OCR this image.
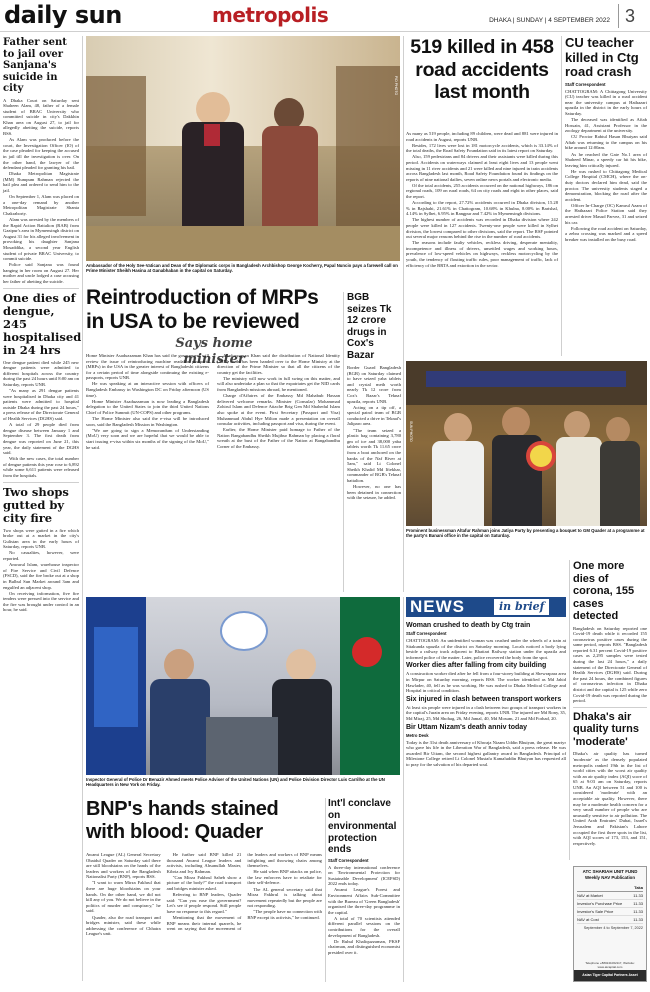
daily sun	metropolis	DHAKA | SUNDAY | 4 SEPTEMBER 2022 3
Father sent to jail over Sanjana's suicide in city

A Dhaka Court on Saturday sent Shaheen Alam, 48, father of a female student of BRAC University who committed suicide in city's Dakkhin Khan area on August 27, to jail for allegedly abetting the suicide, reports BSS.

As Alam was produced before the court, the Investigation Officer (IO) of the case pleaded for keeping the accused in jail till the investigation is over. On the other hand, the lawyer of the defendant pleaded for granting his bail.

Dhaka Metropolitan Magistrate (MM) Rumpum Rahman rejected the bail plea and ordered to send him to the jail.

On September 1, Alam was placed on a one-day remand by another Metropolitan Magistrate Shanta Chakraborty.

Alam was arrested by the members of the Rapid Action Battalion (RAB) from Gazipur's area in Mymensingh district on August 31 for his alleged involvement in provoking his daughter Sanjana Mosaddika, a second year English student of private BRAC University, to commit suicide.

Police said Sanjana was found hanging in her room on August 27. Her mother and uncle lodged a case accusing her father of abetting the suicide.

One dies of dengue, 245 hospitalised in 24 hrs

One dengue patient died while 245 new dengue patients were admitted to different hospitals across the country during the past 24 hours until 8:00 am on Saturday, reports UNB.

"As many as 291 dengue patients were hospitalised in Dhaka city and 41 patients were admitted to hospital outside Dhaka during the past 24 hours," a press release of the Directorate General of Health Services (DGHS) said.

A total of 29 people died from dengue disease between January 1 and September 3. The first death from dengue was reported on June 21, this year, the daily statement of the DGHS said.

With the new cases, the total number of dengue patients this year rose to 6,892 while some 6,611 patients were released from the hospitals.

Two shops gutted by city fire

Two shops were gutted in a fire which broke out at a market in the city's Gulistan area in the early hours of Saturday, reports UNB.

No casualties, however, were reported.

Anwarul Islam, warehouse inspector of Fire Service and Civil Defence (FSCD), said the fire broke out at a shop in Bulbul Sun Market around 3am and engulfed an adjacent shop.

On receiving information, five fire tenders were pressed into the service and the fire was brought under control in an hour, he said.

PID PHOTO
Ambassador of the Holy See-Vatican and Dean of the Diplomatic corps in Bangladesh Archbishop George Kocherry, Papal Nuncio pays a farewell call on Prime Minister Sheikh Hasina at Ganabhaban in the capital on Saturday.
Reintroduction of MRPs in USA to be reviewed
Says home minister

Home Minister Asaduzzaman Khan has said the government will review the issue of reintroducing machine readable passports (MRPs) in the USA in the greater interest of Bangladeshi citizens for a certain period of time alongside continuing the existing e-passports, reports UNB.

He was speaking at an interactive session with officers of Bangladesh Embassy in Washington DC on Friday afternoon (US time).

Home Minister Asaduzzaman is now leading a Bangladesh delegation to the United States to join the third United Nations Chief of Police Summit (UN-COPS) and other programs.

The Home Minister also said the e-visa will be introduced soon, said the Bangladesh Mission in Washington.

"We are going to sign a Memorandum of Understanding (MoU) very soon and we are hopeful that we would be able to start issuing e-visa within six months of the signing of the MoU," he said.

Asaduzzaman Khan said the distribution of National Identity (NID) cards has been handed over to the Home Ministry at the direction of the Prime Minister so that all the citizens of the country get the facilities.

The ministry will now work in full swing on this matter, and will also undertake a plan so that the expatriates get the NID cards from Bangladesh missions abroad, he mentioned.

Charge d'Affaires of the Embassy Md Mahabub Hassan delivered welcome remarks. Minister (Consular) Mohammad Zohirul Islam and Defence Attache Brig Gen Md Shahedul Islam also spoke at the event. First Secretary (Passport and Visa) Muhammad Abdul Hye Milton made a presentation on overall consular activities, including passport and visa, during the event.

Earlier, the Home Minister paid homage to Father of the Nation Bangabandhu Sheikh Mujibur Rahman by placing a floral wreath at the bust of the Father of the Nation at Bangabandhu Corner of the Embassy.

BGB seizes Tk 12 crore drugs in Cox's Bazar

Border Guard Bangladesh (BGB) on Saturday claimed to have seized yaba tablets and crystal meth worth nearly Tk 12 crore from Cox's Bazar's Teknaf upazila, reports UNB.

Acting on a tip off, a special patrol team of BGB conducted a drive in Teknaf's Jaliparo area.

"The team seized a plastic bag containing 3,780 gm of ice and 38,000 yaba tablets worth Tk 11.65 crore from a boat anchored on the banks of the Naf River at 5am," said Lt Colonel Sheikh Khalid Md Iftekhar, commander of BGB's Teknaf battalion.

However, no one has been detained in connection with the seizure, he added.

519 killed in 458 road accidents last month

As many as 519 people, including 89 children, were dead and 881 were injured in road accidents in August, reports UNB.

Besides, 172 lives were lost in 181 motorcycle accidents, which is 33.14% of the total deaths, the Road Safety Foundation said in its latest report on Saturday.

Also, 159 pedestrians and 84 drivers and their assistants were killed during this period. Accidents on waterways claimed at least eight lives and 13 people went missing in 11 river accidents and 21 were killed and nine injured in train accidents across Bangladesh last month, Road Safety Foundation found its findings on the reports of nine national dailies, seven online news portals and electronic media.

Of the total accidents, 255 accidents occurred on the national highways, 186 on regional roads, 109 on rural roads, 64 on city roads and eight in other places, said the report.

According to the report, 27.72% accidents occurred in Dhaka division, 15.28 % in Rajshahi, 21.61% in Chattogram, 10.68% in Khulna, 8.00% in Barishal, 4.14% in Sylhet, 6.95% in Rangpur and 7.42% in Mymensingh divisions.

The highest number of accidents was recorded in Dhaka division where 242 people were killed in 127 accidents. Twenty-one people were killed in Sylhet division, the lowest compared to other divisions, said the report. The RSF pointed out several major reasons behind the rise in the number of road accidents.

The reasons include faulty vehicles, reckless driving, desperate mentality, incompetence and illness of drivers, unsettled wages and working hours, prevalence of low-speed vehicles on highways, reckless motorcycling by the youth, the tendency of flouting traffic rules, poor management of traffic, lack of efficiency of the BRTA and extortion in the sector.

CU teacher killed in Ctg road crash
Staff Correspondent

CHATTOGRAM: A Chittagong University (CU) teacher was killed in a road accident near the university campus at Hathazari upazila in the district in the early hours of Saturday.

The deceased was identified as Aftab Hossain, 41, Assistant Professor in the zoology department at the university.

CU Proctor Rabiul Hasan Bhuiyan said Aftab was returning to the campus on his bike around 12:00am.

As he reached the Gate No.1 area of Shaheed Minar, a speedy car hit his bike, leaving him critically injured.

He was rushed to Chittagong Medical College Hospital (CMCH), where the on-duty doctors declared him dead, said the proctor. The university students staged a demonstration, blocking the road after the accident.

Officer In-Charge (OC) Kamrul Azam of the Hathazari Police Station said they arrested driver Masud Parvez, 31 and seized his car.

Following the road accident on Saturday, a zebra crossing was marked and a speed breaker was installed on the busy road.

SUN PHOTO
Prominent businessman Altafur Rahman joins Jatiya Party by presenting a bouquet to GM Quader at a programme at the party's Banani office in the capital on Saturday.
Inspector General of Police Dr Benazir Ahmed meets Police Adviser of the United Nations (UN) and Police Division Director Luis Carrilho at the UN Headquarters in New York on Friday.
BNP's hands stained with blood: Quader

Awami League (AL) General Secretary Obaidul Quader on Saturday said there are still bloodstains on the hands of the leaders and workers of the Bangladesh Nationalist Party (BNP), reports BSS.

"I want to warn Mirza Fakhrul that there are huge bloodstains on your hands. On the other hand, we did not kill any of you. We do not believe in the politics of murder and conspiracy," he said.

Quader, also the road transport and bridges minister, said these while addressing the conference of Chhatra League's unit.

He further said BNP killed 21 thousand Awami League leaders and activists, including Ahsanullah Master, Kibria and Ivy Rahman.

"Can Mirza Fakhrul Saheb show a picture of the body?" the road transport and bridges minister asked.

Referring to BNP leaders, Quader said: "Can you ease the government? Let's see if people respond. Still people have no response to this regard."

Mentioning that the movement of BNP means their internal quarrels, he went on saying that the movement of the leaders and workers of BNP means infighting and throwing chairs among themselves.

He said when BNP attacks on police, the law enforcers have to retaliate for their self-defence.

The AL general secretary said that Mirza Fakhrul is talking about movement repeatedly but the people are not responding.

"The people have no connection with BNP except its activists," he continued.

Int'l conclave on environmental protection ends
Staff Correspondent

A three-day international conference on 'Environmental Protection for Sustainable Development' (ICEPSD) 2022 ends today.

Awami League's Forest and Environment Affairs Sub-Committee with the Bureau of 'Green Bangladesh' organised the three-day programme in the capital.

A total of 70 scientists attended different parallel sessions on the contributions for the overall development of Bangladesh.

Dr Ruhul Khaliquzzaman, PKSF chairman, and distinguished economist presided over it.

NEWS	in brief
Woman crushed to death by Ctg train
Staff Correspondent
CHATTOGRAM: An unidentified woman was crushed under the wheels of a train at Sitakunda upazila of the district on Saturday morning. Locals noticed a body lying beside a railway track adjacent to Bhatiari Railway station under the upazila and informed police of the matter. Later, police recovered the body from the spot.
Worker dies after falling from city building
A construction worker died after he fell from a four-storey building at Shewrapara area in Mirpur on Saturday morning, reports BSS. The worker identified as Md Jahid Hawlader, 40, fell as he was working. He was rushed to Dhaka Medical College and Hospital in critical condition.
Six injured in clash between transport workers
At least six people were injured in a clash between two groups of transport workers in the capital's Jurain area on Friday evening, reports UNB. The injured are Md Rony, 35, Md Miraj, 25, Md Shohag, 26, Md Jamal, 40, Md Mosum, 21 and Md Forhad, 20.
Bir Uttam Nizam's death anniv today
Metro Desk
Today is the 31st death anniversary of Khwaja Nizam Uddin Bhuiyan, the great martyr who gave his life in the Liberation War of Bangladesh, said a press release. He was awarded Bir Uttam, the second highest gallantry award in Bangladesh. Principal of Milestone College retired Lt Colonel Mustafa Kamaluddin Bhuiyan has requested all to pray for the salvation of his departed soul.
One more dies of corona, 155 cases detected
Bangladesh on Saturday reported one Covid-19 death while it recorded 155 coronavirus positive cases during the same period, reports BSS. "Bangladesh reported 6.31 percent Covid-19 positive cases as 2,295 samples were tested during the last 24 hours," a daily statement of the Directorate General of Health Services (DGHS) said. During the past 24 hours, the combined figures of coronavirus infection in Dhaka district and the capital is 125 while zero Covid-19 death was reported during the period.
Dhaka's air quality turns 'moderate'
Dhaka's air quality has turned 'moderate' as the densely populated metropolis ranked 19th in the list of world cities with the worst air quality with an air quality index (AQI) score of 65 at 9:03 am on Saturday, reports UNB. An AQI between 51 and 100 is considered 'moderate' with an acceptable air quality. However, there may be a moderate health concern for a very small number of people who are unusually sensitive to air pollution. The United Arab Emirates' Dubai, Israel's Jerusalem and Pakistan's Lahore occupied the first three spots in the list, with AQI scores of 173, 153, and 151, respectively.
ATC SHARIAH UNIT FUND
Weekly NAV Publication
Taka
NAV at Market	11.33
Investor's Purchase Price	11.33
Investor's Sale Price	11.33
NAV at Cost	11.33
September 4 to September 7, 2022
Telephone +880241062117, Website: www.atcapital.com
Asian Tiger Capital Partners Asset Management Limited
